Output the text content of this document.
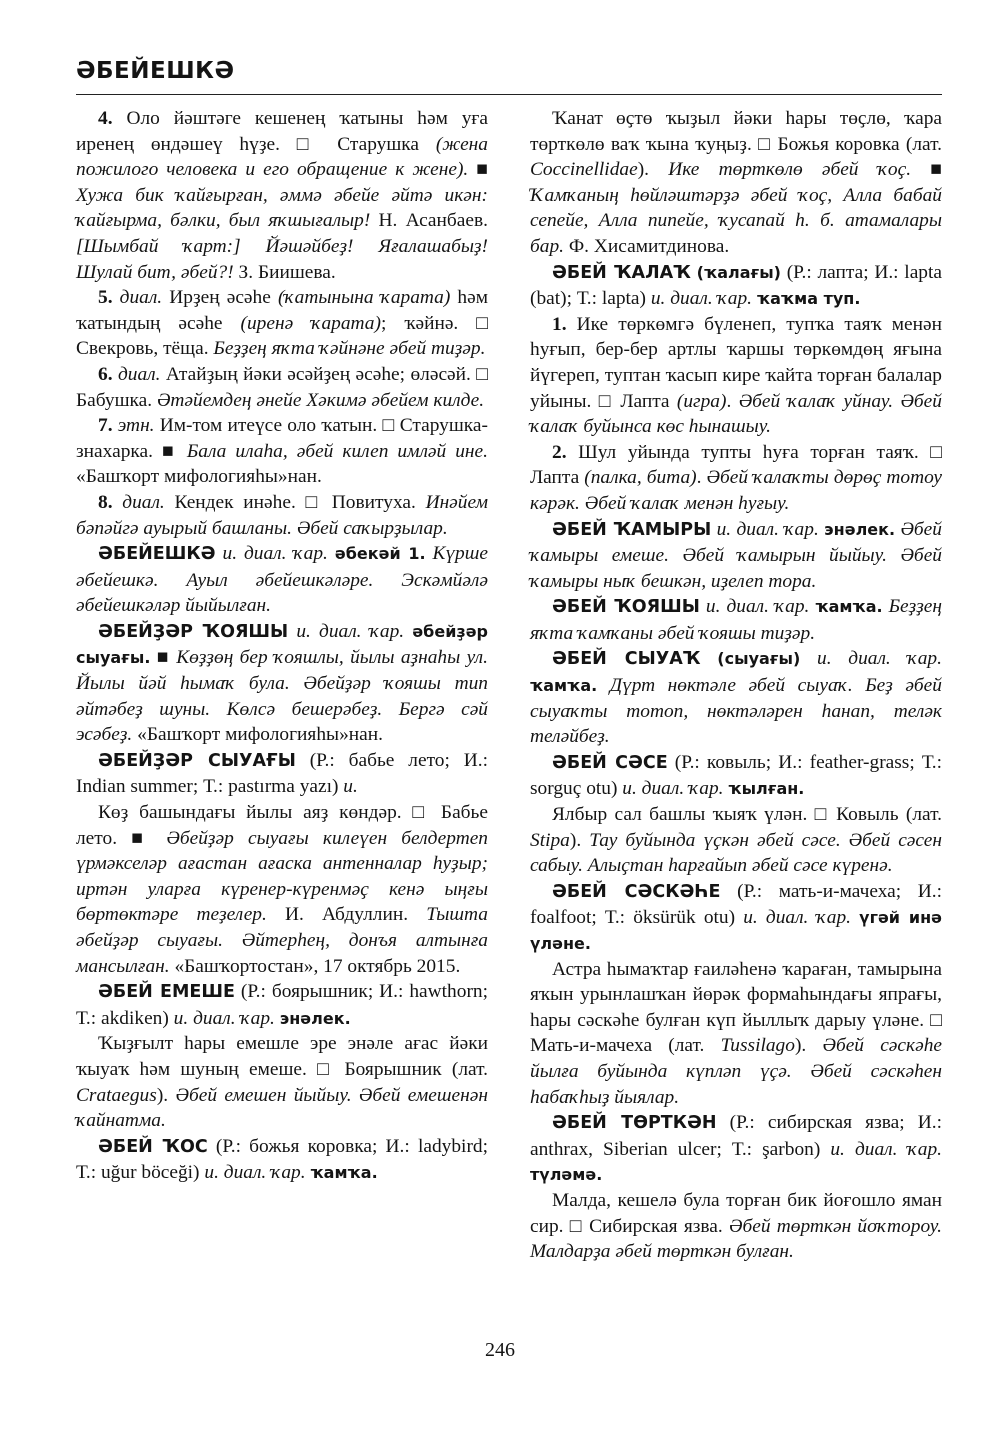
ӘБЕЙЕШКӘ

4. Оло йәштәге кешенең ҡатыны һәм уға иренең өндәшеү һүҙе. □ Старушка (жена пожилого человека и его обращение к жене). ■ Хужа бик ҡайғырған, әммә әбейе әйтә икән: ҡайғырма, бәлки, был яҡшығалыр! Н. Асанбаев. [Шымбай ҡарт:] Йәшәйбеҙ! Яғалашабыҙ! Шулай бит, әбей?! З. Биишева.

5. диал. Ирҙең әсәһе (ҡатынына ҡарата) һәм ҡатындың әсәһе (иренә ҡарата); ҡәйнә. □ Свекровь, тёща. Беҙҙең яҡта ҡәйнәне әбей тиҙәр.

6. диал. Атайҙың йәки әсәйҙең әсәһе; өләсәй. □ Бабушка. Әтәйемдең әнейе Хәкимә әбейем килде.

7. этн. Им-том итеүсе оло ҡатын. □ Старушка-знахарка. ■ Бала илаһа, әбей килеп имләй ине. «Башҡорт мифологияһы»нан.

8. диал. Кендек инәһе. □ Повитуха. Инәйем бәпәйгә ауырый башланы. Әбей саҡырҙылар.

ӘБЕЙЕШКӘ и. диал. ҡар. әбекәй 1. Күрше әбейешкә. Ауыл әбейешкәләре. Эскәмйәлә әбейешкәләр йыйылған.

ӘБЕЙҘӘР ҠОЯШЫ и. диал. ҡар. әбейҙәр сыуағы. ■ Көҙҙөң бер ҡояшлы, йылы аҙнаһы ул. Йылы йәй һымаҡ була. Әбейҙәр ҡояшы тип әйтәбеҙ шуны. Көлсә бешерәбеҙ. Бергә сәй эсәбеҙ. «Башҡорт мифологияһы»нан.

ӘБЕЙҘӘР СЫУАҒЫ (Р.: бабье лето; И.: Indian summer; Т.: pastırma yazı) и.

Көҙ башындағы йылы аяҙ көндәр. □ Бабье лето. ■ Әбейҙәр сыуағы килеүен белдертеп үрмәкселәр ағастан ағаска антенналар һуҙыр; иртән уларға күренер-күренмәҫ кенә ыңғы бөртөктәре теҙелер. И. Абдуллин. Тышта әбейҙәр сыуағы. Әйтерһең, донъя алтынға мансылған. «Башҡортостан», 17 октябрь 2015.

ӘБЕЙ ЕМЕШЕ (Р.: боярышник; И.: hawthorn; Т.: akdiken) и. диал. ҡар. энәлек.

Ҡыҙғылт һары емешле эре энәле ағас йәки ҡыуаҡ һәм шуның емеше. □ Боярышник (лат. Crataegus). Әбей емешен йыйыу. Әбей емешенән ҡайнатма.

ӘБЕЙ ҠОС (Р.: божья коровка; И.: ladybird; Т.: uğur böceği) и. диал. ҡар. ҡамҡа.

Ҡанат өҫтө ҡыҙыл йәки һары төҫлө, ҡара төрткөлө ваҡ ҡына ҡуңыҙ. □ Божья коровка (лат. Coccinellidae). Ике төрткөлө әбей ҡоҫ. ■ Ҡамҡаның һөйләштәрҙә әбей ҡоҫ, Алла бабай сепейе, Алла пипейе, ҡусапай һ. б. атамалары бар. Ф. Хисамитдинова.

ӘБЕЙ ҠАЛАҠ (ҡалағы) (Р.: лапта; И.: lapta (bat); Т.: lapta) и. диал. ҡар. ҡаҡма туп.

1. Ике төркөмгә бүленеп, тупҡа таяҡ менән һуғып, бер-бер артлы ҡаршы төркөмдөң яғына йүгереп, туптан ҡасып кире ҡайта торған балалар уйыны. □ Лапта (игра). Әбей ҡалаҡ уйнау. Әбей ҡалаҡ буйынса көс һынашыу.

2. Шул уйында тупты һуға торған таяҡ. □ Лапта (палка, бита). Әбей ҡалаҡты дөрөҫ тотоу кәрәк. Әбей ҡалаҡ менән һуғыу.

ӘБЕЙ ҠАМЫРЫ и. диал. ҡар. энәлек. Әбей ҡамыры емеше. Әбей ҡамырын йыйыу. Әбей ҡамыры ныҡ бешкән, иҙелеп тора.

ӘБЕЙ ҠОЯШЫ и. диал. ҡар. ҡамҡа. Беҙҙең яҡта ҡамҡаны әбей ҡояшы тиҙәр.

ӘБЕЙ СЫУАҠ (сыуағы) и. диал. ҡар. ҡамҡа. Дүрт нөктәле әбей сыуаҡ. Беҙ әбей сыуаҡты тотоп, нөктәләрен һанап, теләк теләйбеҙ.

ӘБЕЙ СӘСЕ (Р.: ковыль; И.: feather-grass; Т.: sorguç otu) и. диал. ҡар. ҡылған.

Ялбыр сал башлы ҡыяҡ үлән. □ Ковыль (лат. Stipa). Тау буйында үҫкән әбей сәсе. Әбей сәсен сабыу. Алыҫтан һарғайып әбей сәсе күренә.

ӘБЕЙ СӘСКӘҺЕ (Р.: мать-и-мачеха; И.: foalfoot; Т.: öksürük otu) и. диал. ҡар. үгәй инә үләне.

Астра һымаҡтар ғаиләһенә ҡараған, тамырына яҡын урынлашҡан йөрәк формаһындағы япрағы, һары сәскәһе булған күп йыллыҡ дарыу үләне. □ Мать-и-мачеха (лат. Tussilago). Әбей сәскәһе йылға буйында күпләп үҫә. Әбей сәскәһен һабаҡһыҙ йыялар.

ӘБЕЙ ТӨРТКӘН (Р.: сибирская язва; И.: anthrax, Siberian ulcer; Т.: şarbon) и. диал. ҡар. түләмә.

Малда, кешелә була торған бик йоғошло яман сир. □ Сибирская язва. Әбей төрткән йоҡтороу. Малдарҙа әбей төрткән булған.

246
